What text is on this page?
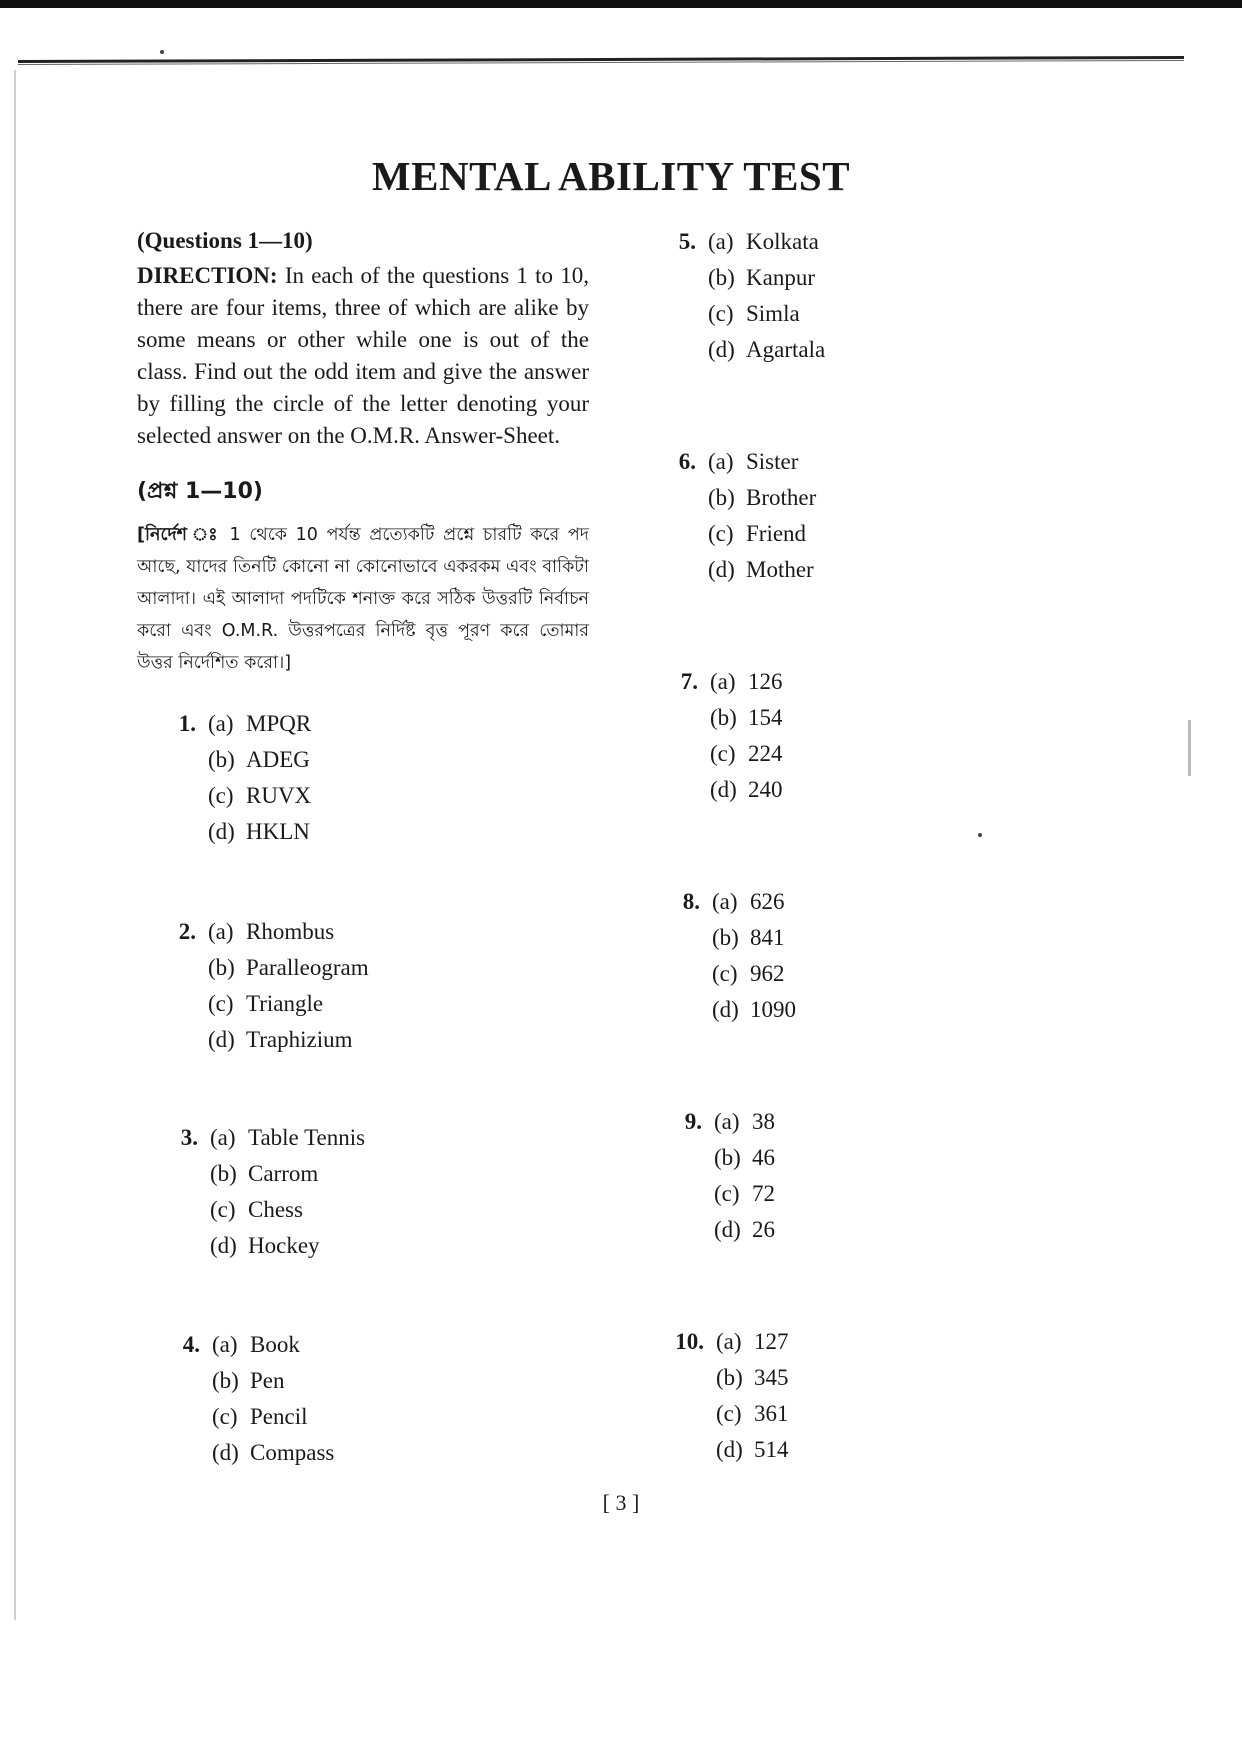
MENTAL ABILITY TEST
(Questions 1—10)

DIRECTION: In each of the questions 1 to 10, there are four items, three of which are alike by some means or other while one is out of the class. Find out the odd item and give the answer by filling the circle of the letter denoting your selected answer on the O.M.R. Answer-Sheet.

(প্রশ্ন 1—10)

[নির্দেশ ঃ 1 থেকে 10 পর্যন্ত প্রত্যেকটি প্রশ্নে চারটি করে পদ আছে, যাদের তিনটি কোনো না কোনোভাবে একরকম এবং বাকিটা আলাদা। এই আলাদা পদটিকে শনাক্ত করে সঠিক উত্তরটি নির্বাচন করো এবং O.M.R. উত্তরপত্রের নির্দিষ্ট বৃত্ত পূরণ করে তোমার উত্তর নির্দেশিত করো।]

1. (a) MPQR
(b) ADEG
(c) RUVX
(d) HKLN
2. (a) Rhombus
(b) Paralleogram
(c) Triangle
(d) Traphizium
3. (a) Table Tennis
(b) Carrom
(c) Chess
(d) Hockey
4. (a) Book
(b) Pen
(c) Pencil
(d) Compass
5. (a) Kolkata
(b) Kanpur
(c) Simla
(d) Agartala
6. (a) Sister
(b) Brother
(c) Friend
(d) Mother
7. (a) 126
(b) 154
(c) 224
(d) 240
8. (a) 626
(b) 841
(c) 962
(d) 1090
9. (a) 38
(b) 46
(c) 72
(d) 26
10. (a) 127
(b) 345
(c) 361
(d) 514
[ 3 ]
